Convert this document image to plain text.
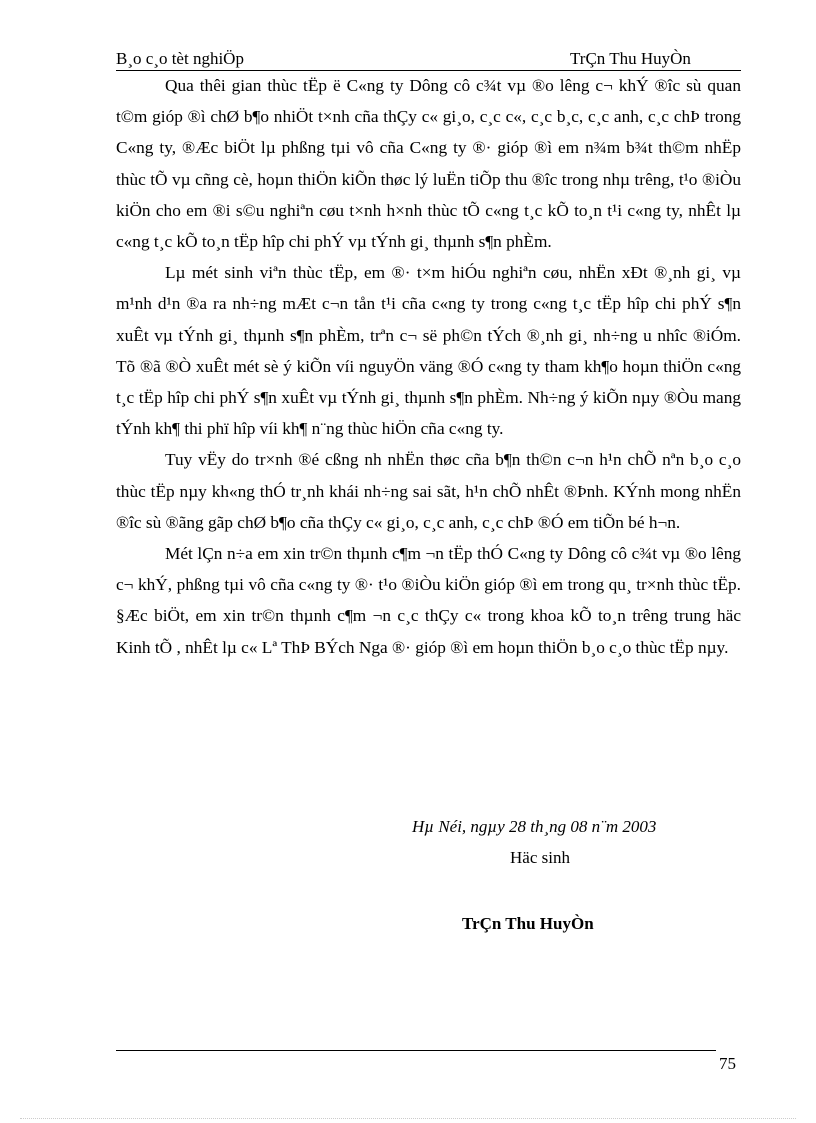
B¸o c¸o tèt nghiÖp	TrÇn Thu HuyÒn

Qua thêi gian thùc tËp ë C«ng ty Dông cô c¾t vµ ®o lêng c¬ khÝ ®îc sù quan t©m gióp ®ì chØ b¶o nhiÖt t×nh cña thÇy c« gi¸o, c¸c c«, c¸c b¸c, c¸c anh, c¸c chÞ trong C«ng ty, ®Æc biÖt lµ phßng tµi vô cña C«ng ty ®· gióp ®ì em n¾m b¾t th©m nhËp thùc tÕ vµ cñng cè, hoµn thiÖn kiÕn thøc lý luËn tiÕp thu ®îc trong nhµ trêng, t¹o ®iÒu kiÖn cho em ®i s©u nghiªn cøu t×nh h×nh thùc tÕ c«ng t¸c kÕ to¸n t¹i c«ng ty, nhÊt lµ c«ng t¸c kÕ to¸n tËp hîp chi phÝ vµ tÝnh gi¸ thµnh s¶n phÈm.

Lµ mét sinh viªn thùc tËp, em ®· t×m hiÓu nghiªn cøu, nhËn xÐt ®¸nh gi¸ vµ m¹nh d¹n ®a ra nh÷ng mÆt c¬n tån t¹i cña c«ng ty trong c«ng t¸c tËp hîp chi phÝ s¶n xuÊt vµ tÝnh gi¸ thµnh s¶n phÈm, trªn c¬ së ph©n tÝch ®¸nh gi¸ nh÷ng u nhîc ®iÓm. Tõ ®ã ®Ò xuÊt mét sè ý kiÕn víi nguyÖn väng ®Ó c«ng ty tham kh¶o hoµn thiÖn c«ng t¸c tËp hîp chi phÝ s¶n xuÊt vµ tÝnh gi¸ thµnh s¶n phÈm. Nh÷ng ý kiÕn nµy ®Òu mang tÝnh kh¶ thi phï hîp víi kh¶ n¨ng thùc hiÖn cña c«ng ty.

Tuy vËy do tr×nh ®é cßng nh nhËn thøc cña b¶n th©n c¬n h¹n chÕ nªn b¸o c¸o thùc tËp nµy kh«ng thÓ tr¸nh khái nh÷ng sai sãt, h¹n chÕ nhÊt ®Þnh. KÝnh mong nhËn ®îc sù ®ãng gãp chØ b¶o cña thÇy c« gi¸o, c¸c anh, c¸c chÞ ®Ó em tiÕn bé h¬n.

Mét lÇn n÷a em xin tr©n thµnh c¶m ¬n tËp thÓ C«ng ty Dông cô c¾t vµ ®o lêng c¬ khÝ, phßng tµi vô cña c«ng ty ®· t¹o ®iÒu kiÖn gióp ®ì em trong qu¸ tr×nh thùc tËp. §Æc biÖt, em xin tr©n thµnh c¶m ¬n c¸c thÇy c« trong khoa kÕ to¸n trêng trung häc Kinh tÕ , nhÊt lµ c« Lª ThÞ BÝch Nga ®· gióp ®ì em hoµn thiÖn b¸o c¸o thùc tËp nµy.

Hµ Néi, ngµy 28 th¸ng 08 n¨m 2003
Häc sinh
TrÇn Thu HuyÒn
75
